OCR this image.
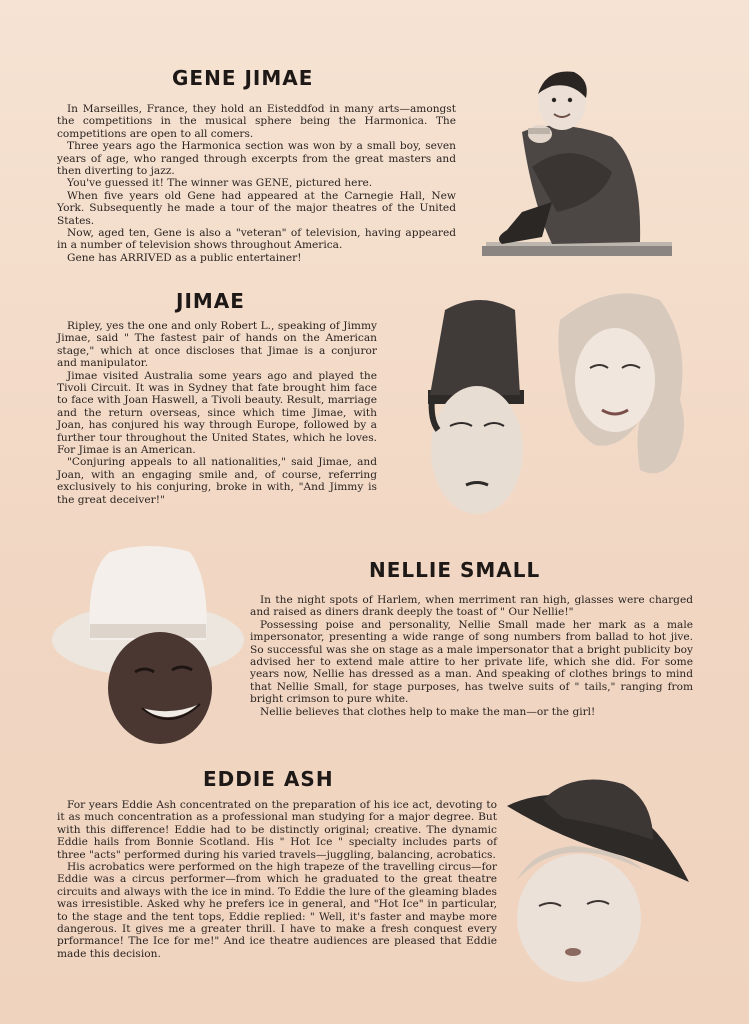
GENE JIMAE

In Marseilles, France, they hold an Eisteddfod in many arts—amongst the competitions in the musical sphere being the Harmonica. The competitions are open to all comers.

Three years ago the Harmonica section was won by a small boy, seven years of age, who ranged through excerpts from the great masters and then diverting to jazz.

You've guessed it! The winner was GENE, pictured here.

When five years old Gene had appeared at the Carnegie Hall, New York. Subsequently he made a tour of the major theatres of the United States.

Now, aged ten, Gene is also a "veteran" of television, having appeared in a number of television shows throughout America.

Gene has ARRIVED as a public entertainer!

JIMAE

Ripley, yes the one and only Robert L., speaking of Jimmy Jimae, said " The fastest pair of hands on the American stage," which at once discloses that Jimae is a conjuror and manipulator.

Jimae visited Australia some years ago and played the Tivoli Circuit. It was in Sydney that fate brought him face to face with Joan Haswell, a Tivoli beauty. Result, marriage and the return overseas, since which time Jimae, with Joan, has conjured his way through Europe, followed by a further tour throughout the United States, which he loves. For Jimae is an American.

"Conjuring appeals to all nationalities," said Jimae, and Joan, with an engaging smile and, of course, referring exclusively to his conjuring, broke in with, "And Jimmy is the great deceiver!"

NELLIE SMALL

In the night spots of Harlem, when merriment ran high, glasses were charged and raised as diners drank deeply the toast of " Our Nellie!"

Possessing poise and personality, Nellie Small made her mark as a male impersonator, presenting a wide range of song numbers from ballad to hot jive. So successful was she on stage as a male impersonator that a bright publicity boy advised her to extend male attire to her private life, which she did. For some years now, Nellie has dressed as a man. And speaking of clothes brings to mind that Nellie Small, for stage purposes, has twelve suits of " tails," ranging from bright crimson to pure white.

Nellie believes that clothes help to make the man—or the girl!

EDDIE ASH

For years Eddie Ash concentrated on the preparation of his ice act, devoting to it as much concentration as a professional man studying for a major degree. But with this difference! Eddie had to be distinctly original; creative. The dynamic Eddie hails from Bonnie Scotland. His " Hot Ice " specialty includes parts of three "acts" performed during his varied travels—juggling, balancing, acrobatics.

His acrobatics were performed on the high trapeze of the travelling circus—for Eddie was a circus performer—from which he graduated to the great theatre circuits and always with the ice in mind. To Eddie the lure of the gleaming blades was irresistible. Asked why he prefers ice in general, and "Hot Ice" in particular, to the stage and the tent tops, Eddie replied: " Well, it's faster and maybe more dangerous. It gives me a greater thrill. I have to make a fresh conquest every prformance! The Ice for me!" And ice theatre audiences are pleased that Eddie made this decision.
